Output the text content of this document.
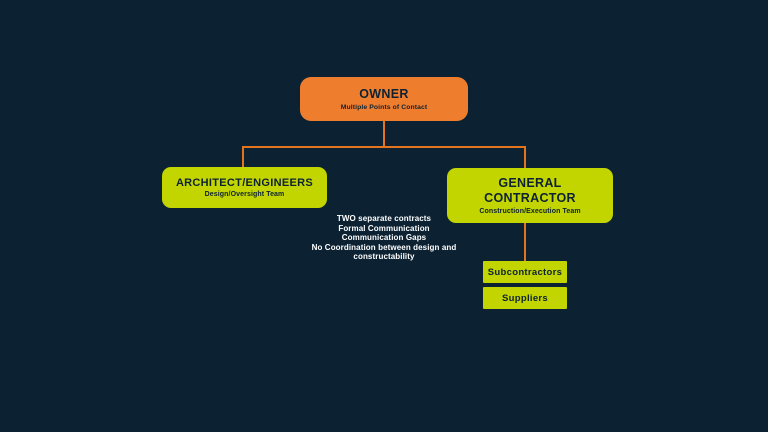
OWNER
Multiple Points of Contact
ARCHITECT/ENGINEERS
Design/Oversight Team
GENERAL CONTRACTOR
Construction/Execution Team
Subcontractors
Suppliers
TWO separate contracts
Formal Communication
Communication Gaps
No Coordination between design and
constructability
